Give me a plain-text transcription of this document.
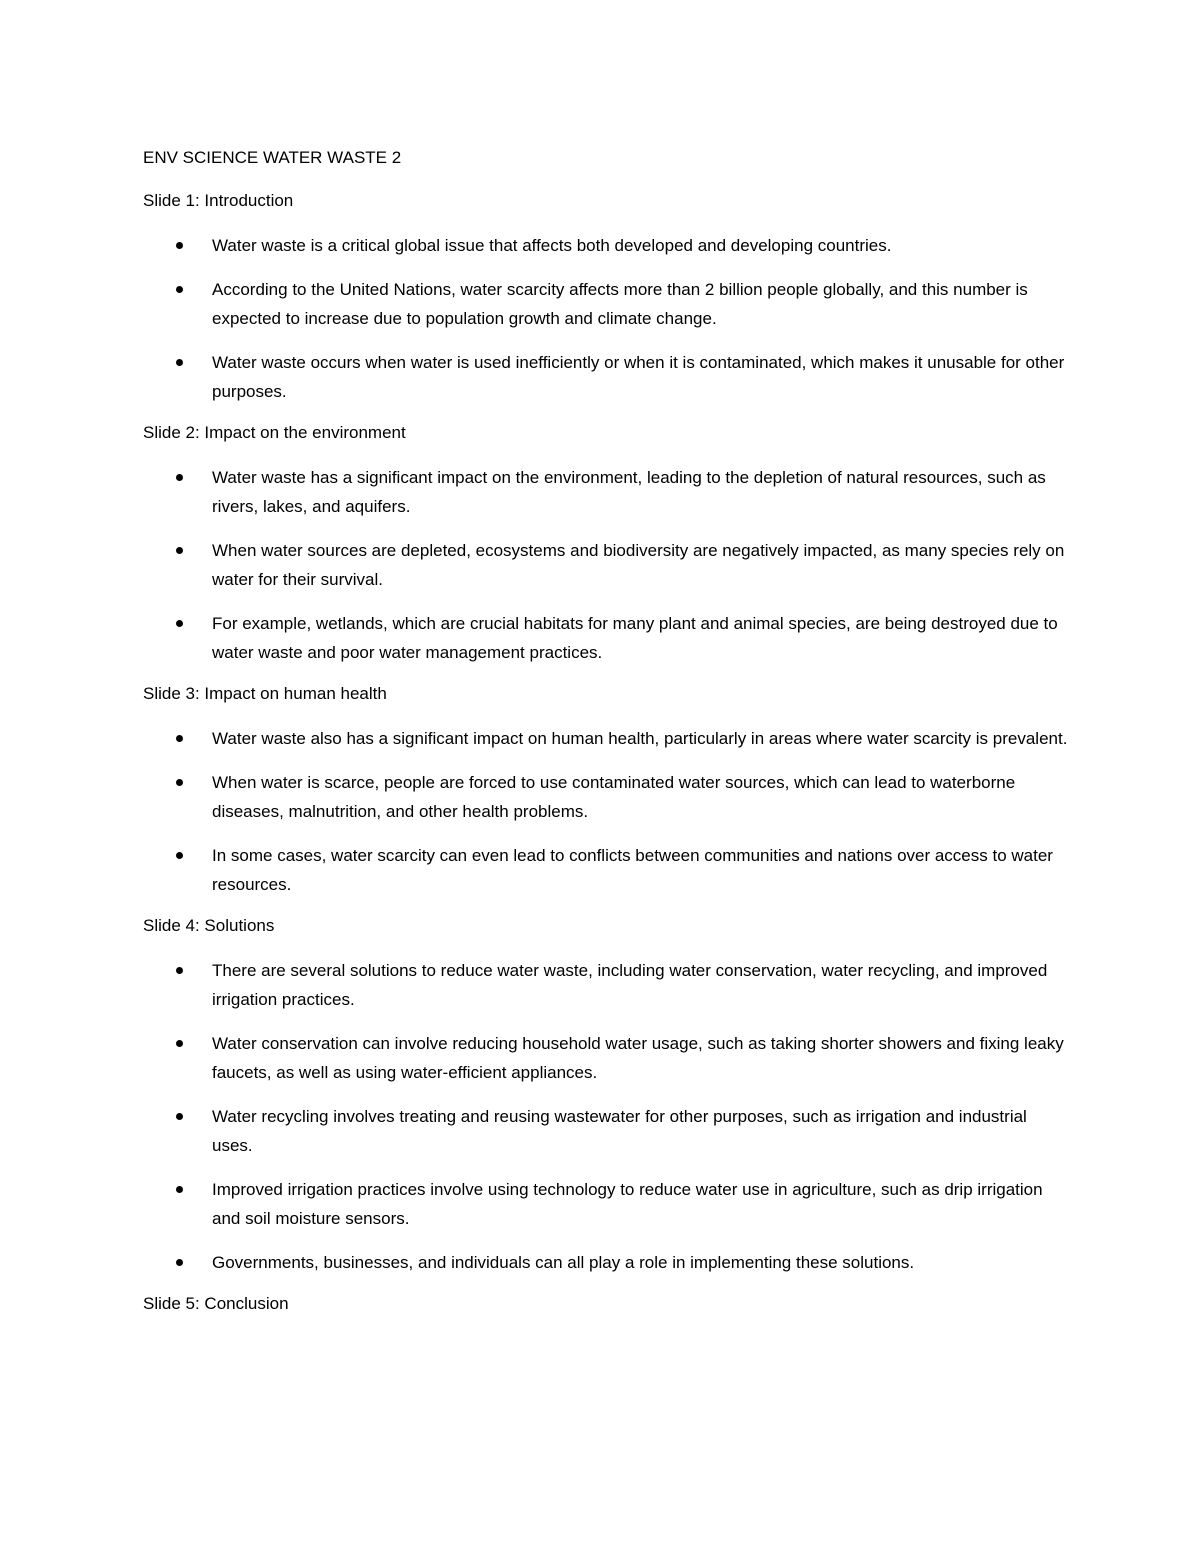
ENV SCIENCE WATER WASTE 2
Slide 1: Introduction
Water waste is a critical global issue that affects both developed and developing countries.
According to the United Nations, water scarcity affects more than 2 billion people globally, and this number is expected to increase due to population growth and climate change.
Water waste occurs when water is used inefficiently or when it is contaminated, which makes it unusable for other purposes.
Slide 2: Impact on the environment
Water waste has a significant impact on the environment, leading to the depletion of natural resources, such as rivers, lakes, and aquifers.
When water sources are depleted, ecosystems and biodiversity are negatively impacted, as many species rely on water for their survival.
For example, wetlands, which are crucial habitats for many plant and animal species, are being destroyed due to water waste and poor water management practices.
Slide 3: Impact on human health
Water waste also has a significant impact on human health, particularly in areas where water scarcity is prevalent.
When water is scarce, people are forced to use contaminated water sources, which can lead to waterborne diseases, malnutrition, and other health problems.
In some cases, water scarcity can even lead to conflicts between communities and nations over access to water resources.
Slide 4: Solutions
There are several solutions to reduce water waste, including water conservation, water recycling, and improved irrigation practices.
Water conservation can involve reducing household water usage, such as taking shorter showers and fixing leaky faucets, as well as using water-efficient appliances.
Water recycling involves treating and reusing wastewater for other purposes, such as irrigation and industrial uses.
Improved irrigation practices involve using technology to reduce water use in agriculture, such as drip irrigation and soil moisture sensors.
Governments, businesses, and individuals can all play a role in implementing these solutions.
Slide 5: Conclusion
